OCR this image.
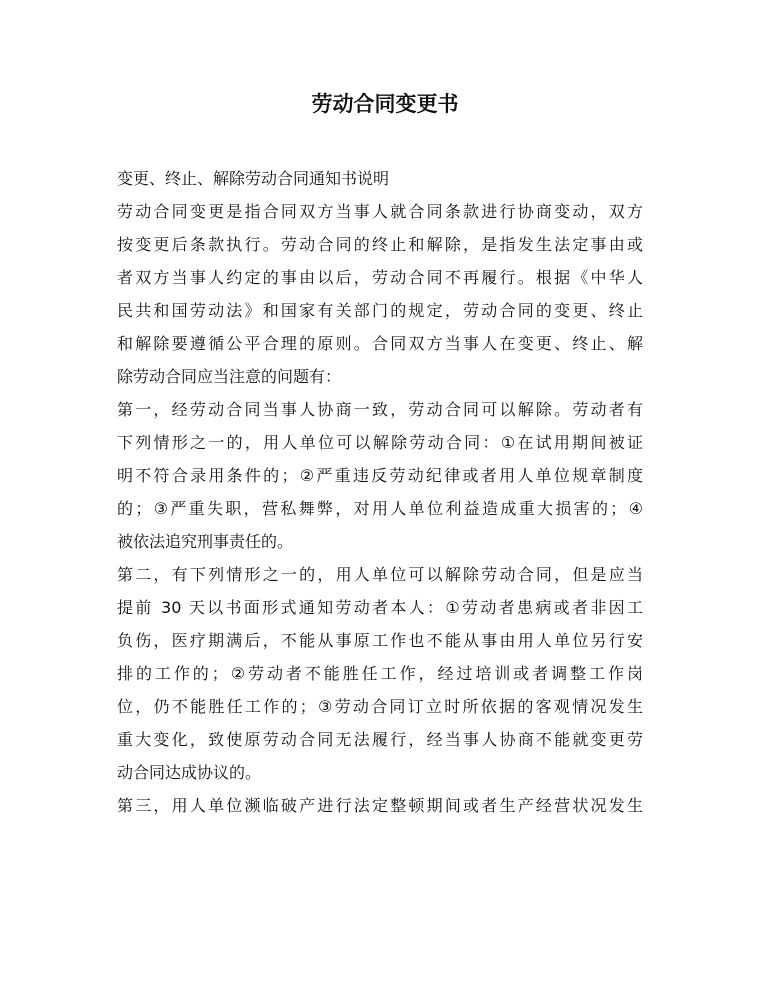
劳动合同变更书

变更、终止、解除劳动合同通知书说明

劳动合同变更是指合同双方当事人就合同条款进行协商变动，双方
按变更后条款执行。劳动合同的终止和解除，是指发生法定事由或
者双方当事人约定的事由以后，劳动合同不再履行。根据《中华人
民共和国劳动法》和国家有关部门的规定，劳动合同的变更、终止
和解除要遵循公平合理的原则。合同双方当事人在变更、终止、解
除劳动合同应当注意的问题有：

第一，经劳动合同当事人协商一致，劳动合同可以解除。劳动者有
下列情形之一的，用人单位可以解除劳动合同：①在试用期间被证
明不符合录用条件的；②严重违反劳动纪律或者用人单位规章制度
的；③严重失职，营私舞弊，对用人单位利益造成重大损害的；④
被依法追究刑事责任的。

第二，有下列情形之一的，用人单位可以解除劳动合同，但是应当
提前 30 天以书面形式通知劳动者本人：①劳动者患病或者非因工
负伤，医疗期满后，不能从事原工作也不能从事由用人单位另行安
排的工作的；②劳动者不能胜任工作，经过培训或者调整工作岗
位，仍不能胜任工作的；③劳动合同订立时所依据的客观情况发生
重大变化，致使原劳动合同无法履行，经当事人协商不能就变更劳
动合同达成协议的。

第三，用人单位濒临破产进行法定整顿期间或者生产经营状况发生
